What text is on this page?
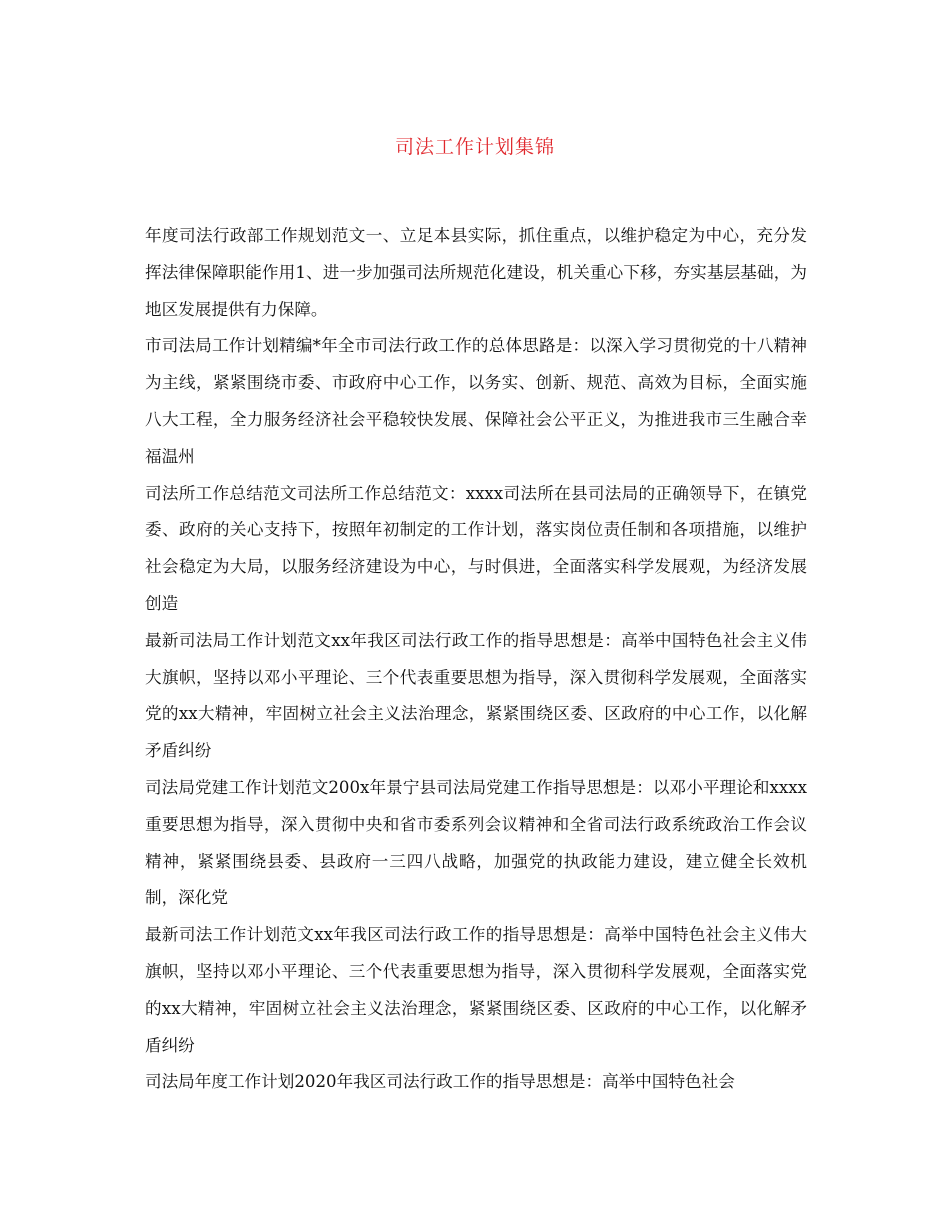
司法工作计划集锦

年度司法行政部工作规划范文一、立足本县实际，抓住重点，以维护稳定为中心，充分发挥法律保障职能作用1、进一步加强司法所规范化建设，机关重心下移，夯实基层基础，为地区发展提供有力保障。

市司法局工作计划精编*年全市司法行政工作的总体思路是：以深入学习贯彻党的十八精神为主线，紧紧围绕市委、市政府中心工作，以务实、创新、规范、高效为目标，全面实施八大工程，全力服务经济社会平稳较快发展、保障社会公平正义，为推进我市三生融合幸福温州

司法所工作总结范文司法所工作总结范文：xxxx司法所在县司法局的正确领导下，在镇党委、政府的关心支持下，按照年初制定的工作计划，落实岗位责任制和各项措施，以维护社会稳定为大局，以服务经济建设为中心，与时俱进，全面落实科学发展观，为经济发展创造

最新司法局工作计划范文xx年我区司法行政工作的指导思想是：高举中国特色社会主义伟大旗帜，坚持以邓小平理论、三个代表重要思想为指导，深入贯彻科学发展观，全面落实党的xx大精神，牢固树立社会主义法治理念，紧紧围绕区委、区政府的中心工作，以化解矛盾纠纷

司法局党建工作计划范文200x年景宁县司法局党建工作指导思想是：以邓小平理论和xxxx重要思想为指导，深入贯彻中央和省市委系列会议精神和全省司法行政系统政治工作会议精神，紧紧围绕县委、县政府一三四八战略，加强党的执政能力建设，建立健全长效机制，深化党

最新司法工作计划范文xx年我区司法行政工作的指导思想是：高举中国特色社会主义伟大旗帜，坚持以邓小平理论、三个代表重要思想为指导，深入贯彻科学发展观，全面落实党的xx大精神，牢固树立社会主义法治理念，紧紧围绕区委、区政府的中心工作，以化解矛盾纠纷

司法局年度工作计划2020年我区司法行政工作的指导思想是：高举中国特色社会
